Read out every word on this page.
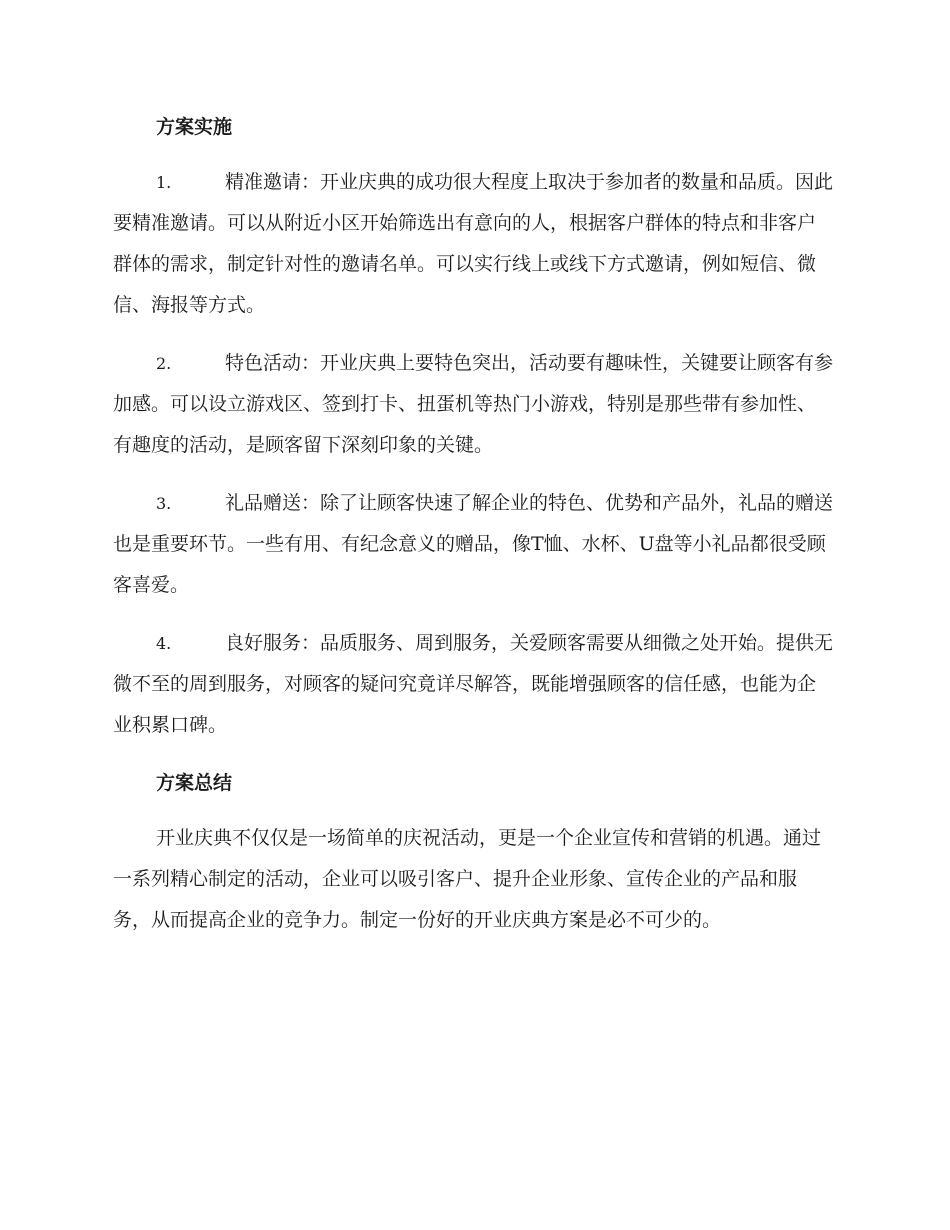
方案实施

1.	精准邀请：开业庆典的成功很大程度上取决于参加者的数量和品质。因此要精准邀请。可以从附近小区开始筛选出有意向的人，根据客户群体的特点和非客户群体的需求，制定针对性的邀请名单。可以实行线上或线下方式邀请，例如短信、微信、海报等方式。

2.	特色活动：开业庆典上要特色突出，活动要有趣味性，关键要让顾客有参加感。可以设立游戏区、签到打卡、扭蛋机等热门小游戏，特别是那些带有参加性、有趣度的活动，是顾客留下深刻印象的关键。

3.	礼品赠送：除了让顾客快速了解企业的特色、优势和产品外，礼品的赠送也是重要环节。一些有用、有纪念意义的赠品，像T恤、水杯、U盘等小礼品都很受顾客喜爱。

4.	良好服务：品质服务、周到服务，关爱顾客需要从细微之处开始。提供无微不至的周到服务，对顾客的疑问究竟详尽解答，既能增强顾客的信任感，也能为企业积累口碑。

方案总结

开业庆典不仅仅是一场简单的庆祝活动，更是一个企业宣传和营销的机遇。通过一系列精心制定的活动，企业可以吸引客户、提升企业形象、宣传企业的产品和服务，从而提高企业的竞争力。制定一份好的开业庆典方案是必不可少的。
